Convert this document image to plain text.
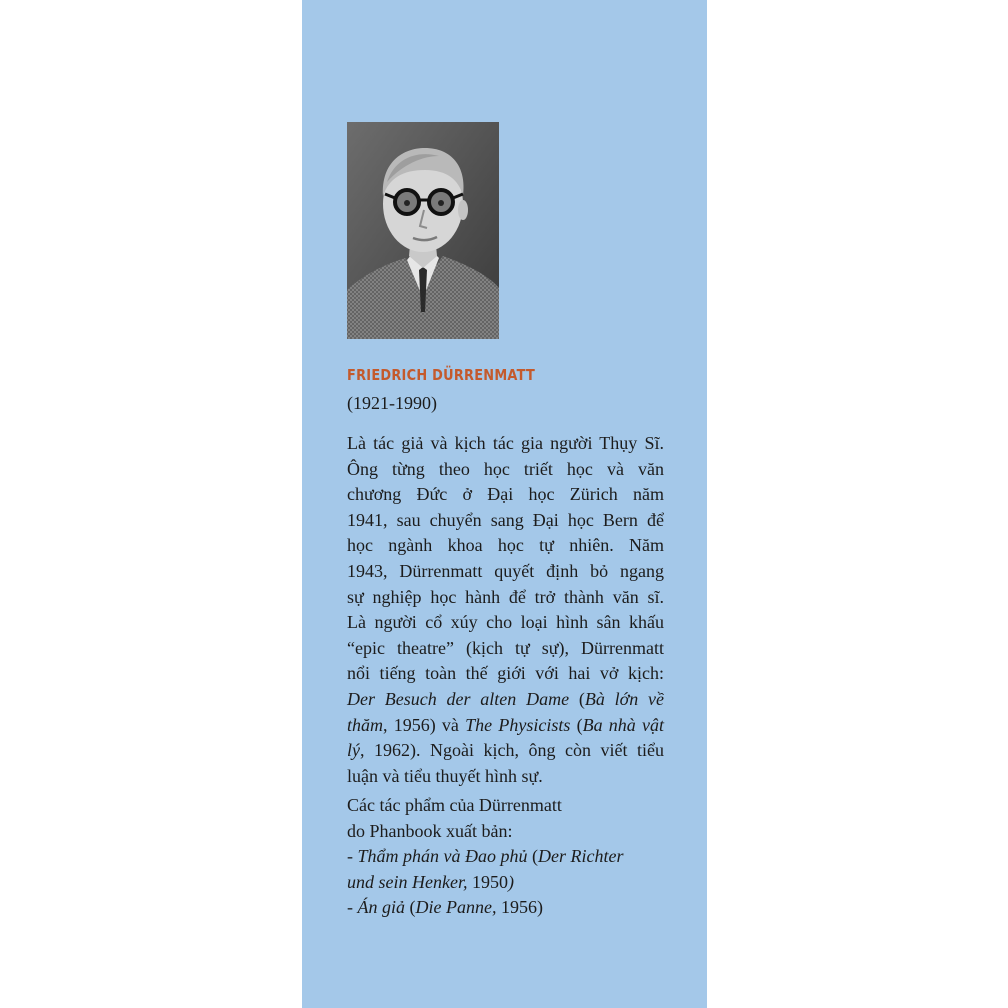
FRIEDRICH DÜRRENMATT
(1921-1990)
Là tác giả và kịch tác gia người Thụy Sĩ.
Ông từng theo học triết học và văn
chương Đức ở Đại học Zürich năm
1941, sau chuyển sang Đại học Bern để
học ngành khoa học tự nhiên. Năm
1943, Dürrenmatt quyết định bỏ ngang
sự nghiệp học hành để trở thành văn sĩ.
Là người cổ xúy cho loại hình sân khấu
“epic theatre” (kịch tự sự), Dürrenmatt
nổi tiếng toàn thế giới với hai vở kịch:
Der Besuch der alten Dame (Bà lớn về
thăm, 1956) và The Physicists (Ba nhà vật
lý, 1962). Ngoài kịch, ông còn viết tiểu
luận và tiểu thuyết hình sự.
Các tác phẩm của Dürrenmatt
do Phanbook xuất bản:
- Thẩm phán và Đao phủ (Der Richter
und sein Henker, 1950)
- Án giả (Die Panne, 1956)
